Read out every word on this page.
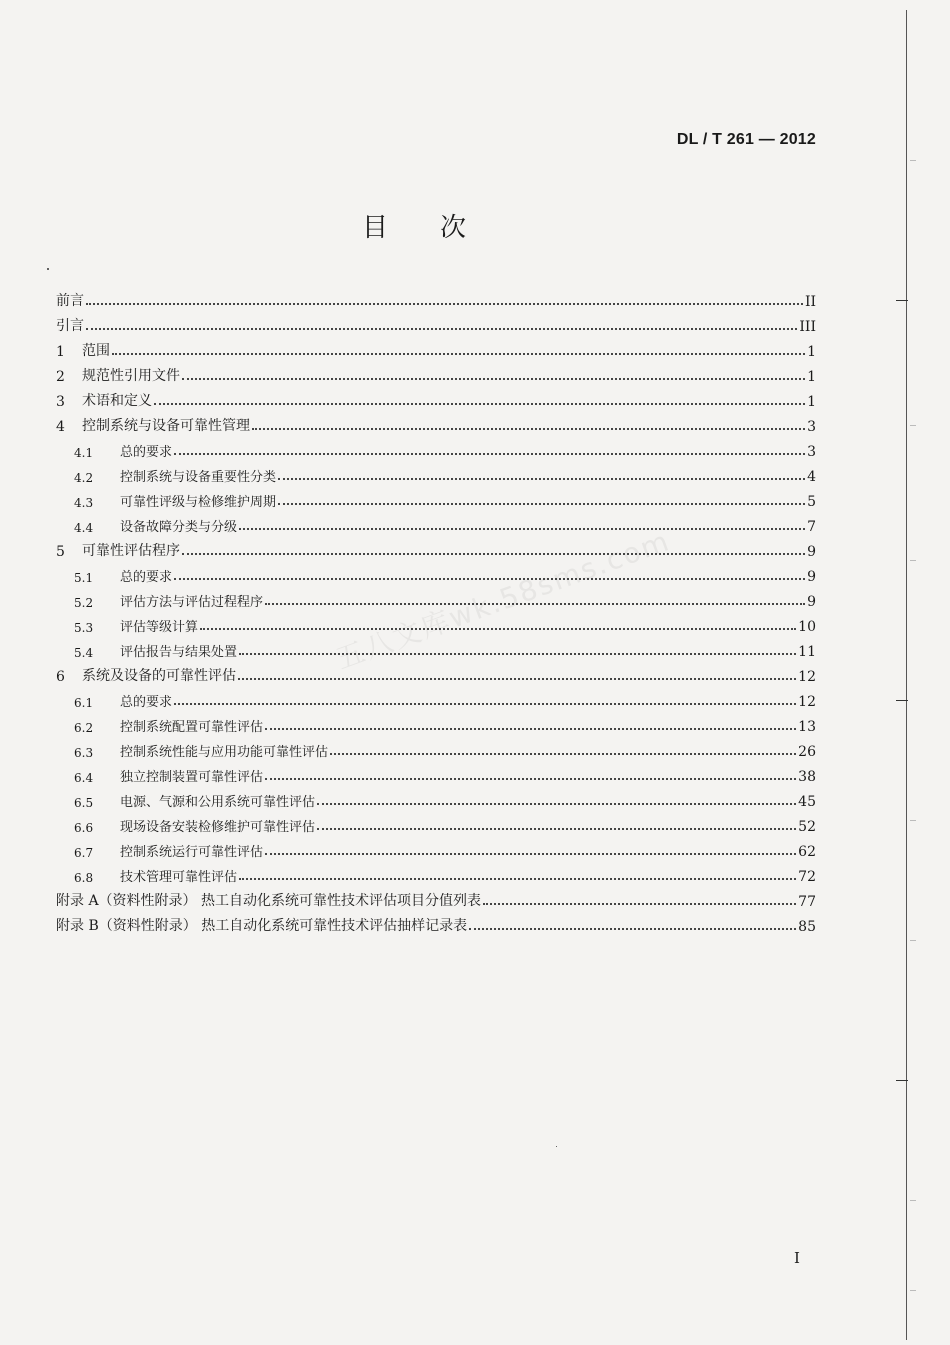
DL / T 261 — 2012
目次
五八文库wk.58sms.com
前言	II
引言	III
1	范围	1
2	规范性引用文件	1
3	术语和定义	1
4	控制系统与设备可靠性管理	3
4.1	总的要求	3
4.2	控制系统与设备重要性分类	4
4.3	可靠性评级与检修维护周期	5
4.4	设备故障分类与分级	7
5	可靠性评估程序	9
5.1	总的要求	9
5.2	评估方法与评估过程程序	9
5.3	评估等级计算	10
5.4	评估报告与结果处置	11
6	系统及设备的可靠性评估	12
6.1	总的要求	12
6.2	控制系统配置可靠性评估	13
6.3	控制系统性能与应用功能可靠性评估	26
6.4	独立控制装置可靠性评估	38
6.5	电源、气源和公用系统可靠性评估	45
6.6	现场设备安装检修维护可靠性评估	52
6.7	控制系统运行可靠性评估	62
6.8	技术管理可靠性评估	72
附录 A（资料性附录） 热工自动化系统可靠性技术评估项目分值列表	77
附录 B（资料性附录） 热工自动化系统可靠性技术评估抽样记录表	85
I
